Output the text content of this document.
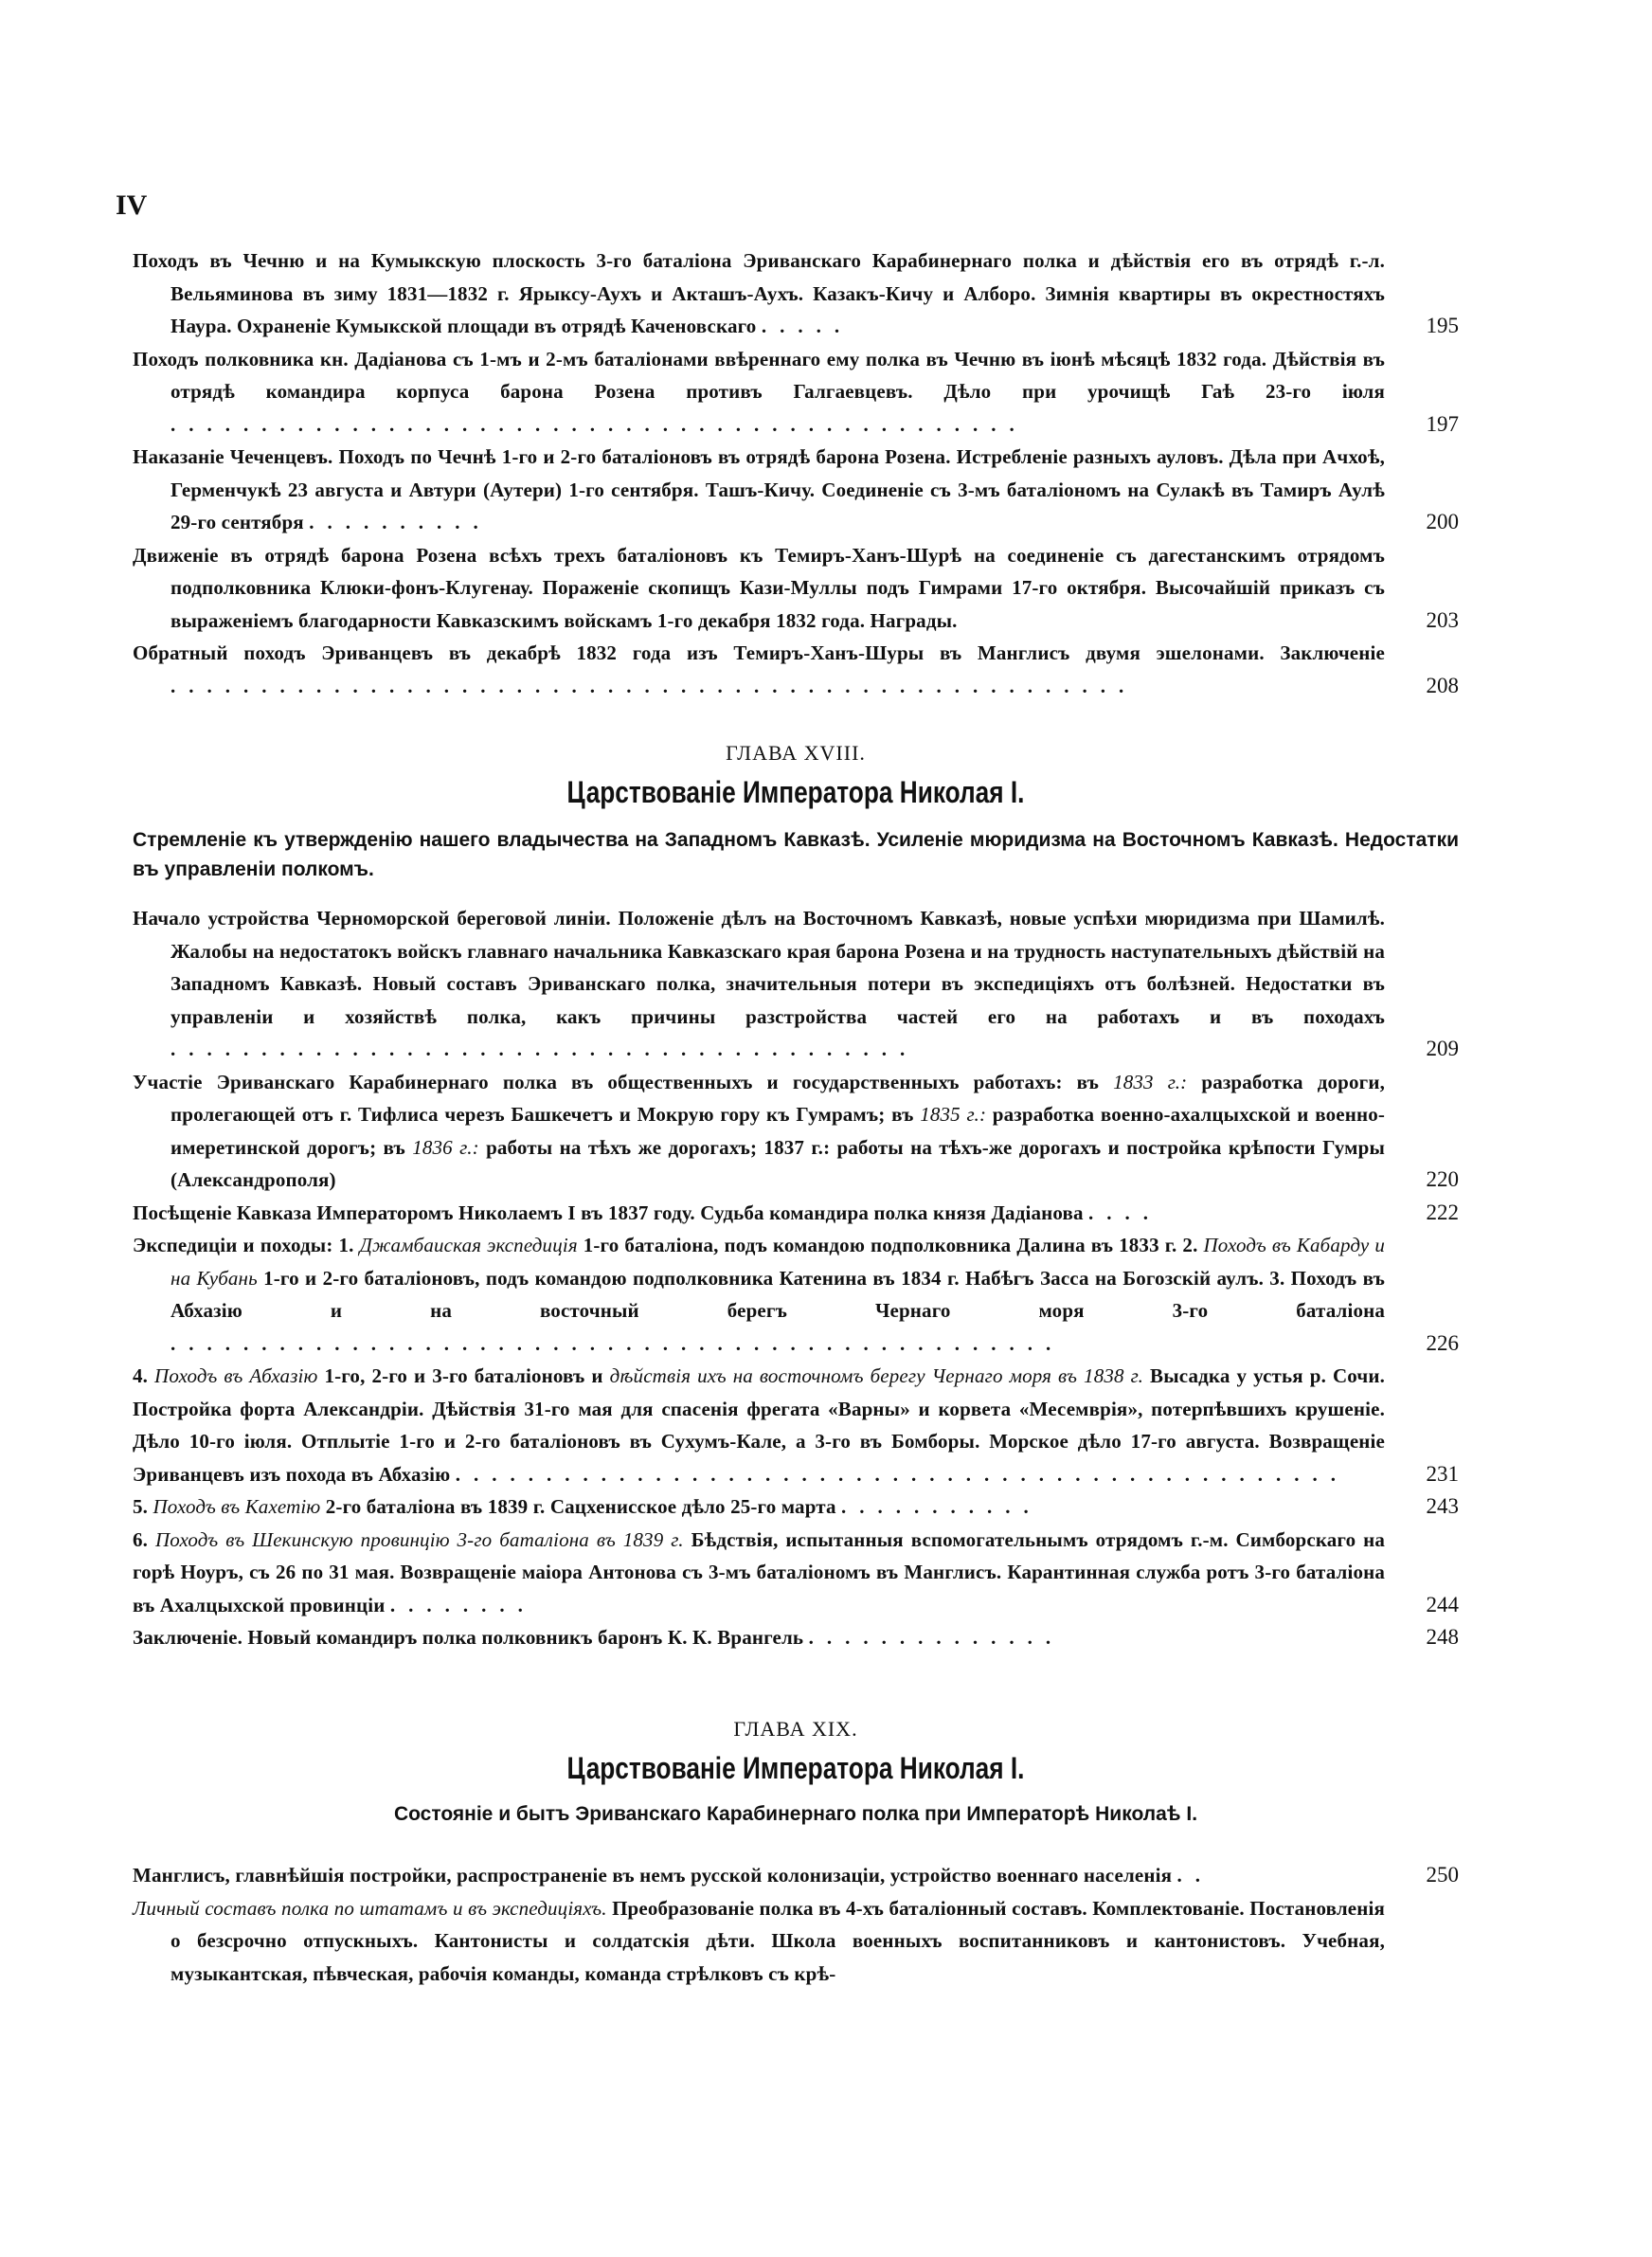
IV
Походъ въ Чечню и на Кумыкскую плоскость 3-го баталіона Эриванскаго Карабинернаго полка и дѣйствія его въ отрядѣ г.-л. Вельяминова въ зиму 1831—1832 г. Ярыксу-Аухъ и Акташъ-Аухъ. Казакъ-Кичу и Алборо. Зимнія квартиры въ окрестностяхъ Наура. Охраненіе Кумыкской площади въ отрядѣ Каченовскаго .....	195
Походъ полковника кн. Дадіанова съ 1-мъ и 2-мъ баталіонами ввѣреннаго ему полка въ Чечню въ іюнѣ мѣсяцѣ 1832 года. Дѣйствія въ отрядѣ командира корпуса барона Розена противъ Галгаевцевъ. Дѣло при урочищѣ Гаѣ 23-го іюля ...............................................	197
Наказаніе Чеченцевъ. Походъ по Чечнѣ 1-го и 2-го баталіоновъ въ отрядѣ барона Розена. Истребленіе разныхъ ауловъ. Дѣла при Ачхоѣ, Герменчукѣ 23 августа и Автури (Аутери) 1-го сентября. Ташъ-Кичу. Соединеніе съ 3-мъ баталіономъ на Сулакѣ въ Тамиръ Аулѣ 29-го сентября ..........	200
Движеніе въ отрядѣ барона Розена всѣхъ трехъ баталіоновъ къ Темиръ-Ханъ-Шурѣ на соединеніе съ дагестанскимъ отрядомъ подполковника Клюки-фонъ-Клугенау. Пораженіе скопищъ Кази-Муллы подъ Гимрами 17-го октября. Высочайшій приказъ съ выраженіемъ благодарности Кавказскимъ войскамъ 1-го декабря 1832 года. Награды.	203
Обратный походъ Эриванцевъ въ декабрѣ 1832 года изъ Темиръ-Ханъ-Шуры въ Манглисъ двумя эшелонами. Заключеніе .....................................................	208
ГЛАВА XVIII.
Царствованіе Императора Николая I.
Стремленіе къ утвержденію нашего владычества на Западномъ Кавказѣ. Усиленіе мюридизма на Восточномъ Кавказѣ. Недостатки въ управленіи полкомъ.
Начало устройства Черноморской береговой линіи. Положеніе дѣлъ на Восточномъ Кавказѣ, новые успѣхи мюридизма при Шамилѣ. Жалобы на недостатокъ войскъ главнаго начальника Кавказскаго края барона Розена и на трудность наступательныхъ дѣйствій на Западномъ Кавказѣ. Новый составъ Эриванскаго полка, значительныя потери въ экспедиціяхъ отъ болѣзней. Недостатки въ управленіи и хозяйствѣ полка, какъ причины разстройства частей его на работахъ и въ походахъ .........................................	209
Участіе Эриванскаго Карабинернаго полка въ общественныхъ и государственныхъ работахъ: въ 1833 г.: разработка дороги, пролегающей отъ г. Тифлиса черезъ Башкечетъ и Мокрую гору къ Гумрамъ; въ 1835 г.: разработка военно-ахалцыхской и военно-имеретинской дорогъ; въ 1836 г.: работы на тѣхъ же дорогахъ; 1837 г.: работы на тѣхъ-же дорогахъ и постройка крѣпости Гумры (Александрополя)	220
Посѣщеніе Кавказа Императоромъ Николаемъ I въ 1837 году. Судьба командира полка князя Дадіанова ....	222
Экспедиціи и походы: 1. Джамбаиская экспедиція 1-го баталіона, подъ командою подполковника Далина въ 1833 г. 2. Походъ въ Кабарду и на Кубань 1-го и 2-го баталіоновъ, подъ командою подполковника Катенина въ 1834 г. Набѣгъ Засса на Богозскій аулъ. 3. Походъ въ Абхазію и на восточный берегъ Чернаго моря 3-го баталіона .................................................	226
4. Походъ въ Абхазію 1-го, 2-го и 3-го баталіоновъ и дѣйствія ихъ на восточномъ берегу Чернаго моря въ 1838 г. Высадка у устья р. Сочи. Постройка форта Александріи. Дѣйствія 31-го мая для спасенія фрегата «Варны» и корвета «Месемврія», потерпѣвшихъ крушеніе. Дѣло 10-го іюля. Отплытіе 1-го и 2-го баталіоновъ въ Сухумъ-Кале, а 3-го въ Бомборы. Морское дѣло 17-го августа. Возвращеніе Эриванцевъ изъ похода въ Абхазію .................................................	231
5. Походъ въ Кахетію 2-го баталіона въ 1839 г. Сацхенисское дѣло 25-го марта ...........	243
6. Походъ въ Шекинскую провинцію 3-го баталіона въ 1839 г. Бѣдствія, испытанныя вспомогательнымъ отрядомъ г.-м. Симборскаго на горѣ Ноуръ, съ 26 по 31 мая. Возвращеніе маіора Антонова съ 3-мъ баталіономъ въ Манглисъ. Карантинная служба ротъ 3-го баталіона въ Ахалцыхской провинціи ........	244
Заключеніе. Новый командиръ полка полковникъ баронъ К. К. Врангель ..............	248
ГЛАВА XIX.
Царствованіе Императора Николая I.
Состояніе и бытъ Эриванскаго Карабинернаго полка при Императорѣ Николаѣ I.
Манглисъ, главнѣйшія постройки, распространеніе въ немъ русской колонизаціи, устройство военнаго населенія ..	250
Личный составъ полка по штатамъ и въ экспедиціяхъ. Преобразованіе полка въ 4-хъ баталіонный составъ. Комплектованіе. Постановленія о безсрочно отпускныхъ. Кантонисты и солдатскія дѣти. Школа военныхъ воспитанниковъ и кантонистовъ. Учебная, музыкантская, пѣвческая, рабочія команды, команда стрѣлковъ съ крѣ-
